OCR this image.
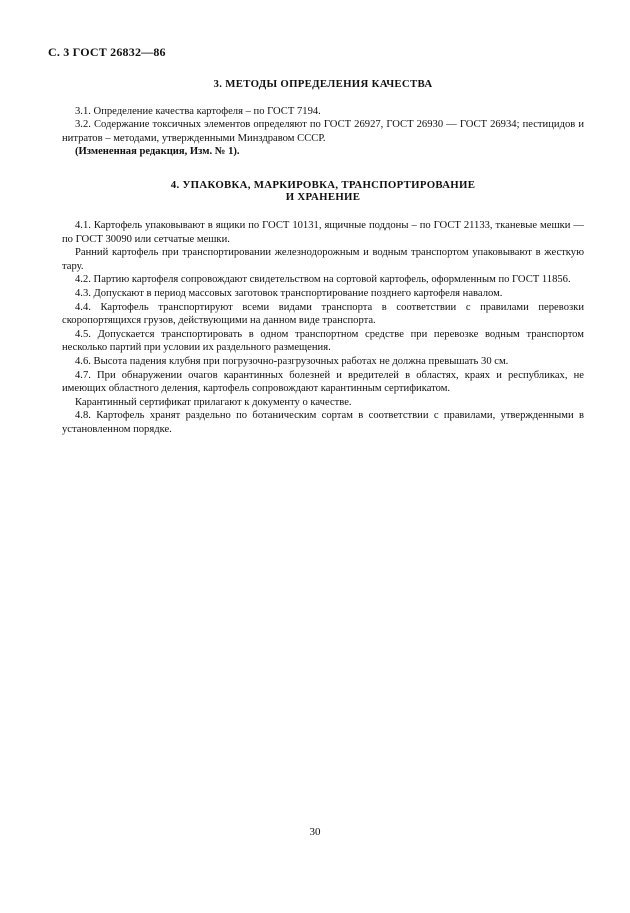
С. 3 ГОСТ 26832—86
3. МЕТОДЫ ОПРЕДЕЛЕНИЯ КАЧЕСТВА

3.1. Определение качества картофеля – по ГОСТ 7194.

3.2. Содержание токсичных элементов определяют по ГОСТ 26927, ГОСТ 26930 — ГОСТ 26934; пестицидов и нитратов – методами, утвержденными Минздравом СССР.

(Измененная редакция, Изм. № 1).

4. УПАКОВКА, МАРКИРОВКА, ТРАНСПОРТИРОВАНИЕ
И ХРАНЕНИЕ

4.1. Картофель упаковывают в ящики по ГОСТ 10131, ящичные поддоны – по ГОСТ 21133, тканевые мешки — по ГОСТ 30090 или сетчатые мешки.

Ранний картофель при транспортировании железнодорожным и водным транспортом упаковывают в жесткую тару.

4.2. Партию картофеля сопровождают свидетельством на сортовой картофель, оформленным по ГОСТ 11856.

4.3. Допускают в период массовых заготовок транспортирование позднего картофеля навалом.

4.4. Картофель транспортируют всеми видами транспорта в соответствии с правилами перевозки скоропортящихся грузов, действующими на данном виде транспорта.

4.5. Допускается транспортировать в одном транспортном средстве при перевозке водным транспортом несколько партий при условии их раздельного размещения.

4.6. Высота падения клубня при погрузочно-разгрузочных работах не должна превышать 30 см.

4.7. При обнаружении очагов карантинных болезней и вредителей в областях, краях и республиках, не имеющих областного деления, картофель сопровождают карантинным сертификатом.

Карантинный сертификат прилагают к документу о качестве.

4.8. Картофель хранят раздельно по ботаническим сортам в соответствии с правилами, утвержденными в установленном порядке.

30
